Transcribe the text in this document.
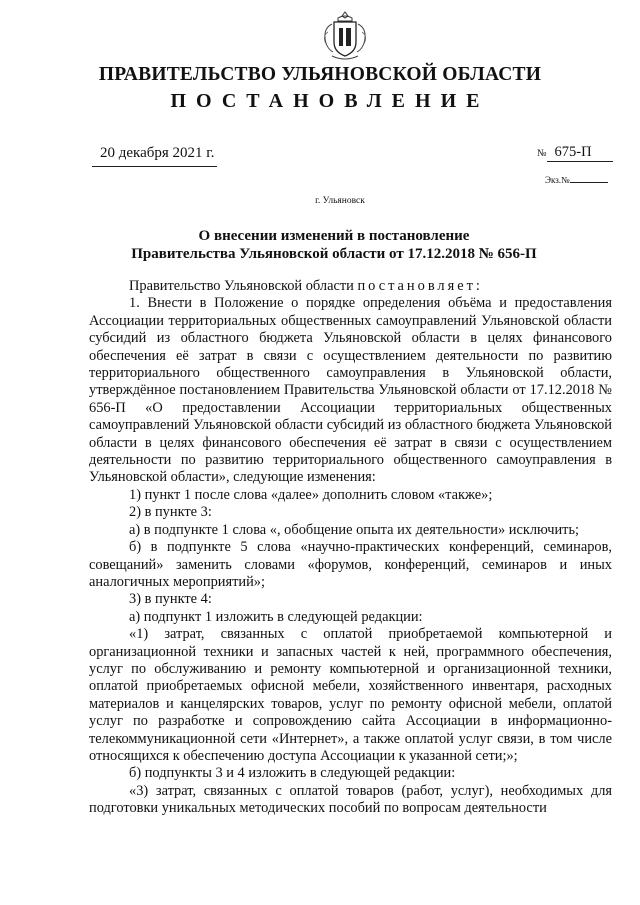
ПРАВИТЕЛЬСТВО УЛЬЯНОВСКОЙ ОБЛАСТИ
ПОСТАНОВЛЕНИЕ
20 декабря 2021 г.	№ 675-П
Экз.№
г. Ульяновск
О внесении изменений в постановление
Правительства Ульяновской области от 17.12.2018 № 656-П

Правительство Ульяновской области постановляет:

1. Внести в Положение о порядке определения объёма и предоставления Ассоциации территориальных общественных самоуправлений Ульяновской области субсидий из областного бюджета Ульяновской области в целях финансового обеспечения её затрат в связи с осуществлением деятельности по развитию территориального общественного самоуправления в Ульяновской области, утверждённое постановлением Правительства Ульяновской области от 17.12.2018 № 656-П «О предоставлении Ассоциации территориальных общественных самоуправлений Ульяновской области субсидий из областного бюджета Ульяновской области в целях финансового обеспечения её затрат в связи с осуществлением деятельности по развитию территориального общественного самоуправления в Ульяновской области», следующие изменения:

1) пункт 1 после слова «далее» дополнить словом «также»;

2) в пункте 3:

а) в подпункте 1 слова «, обобщение опыта их деятельности» исключить;

б) в подпункте 5 слова «научно-практических конференций, семинаров, совещаний» заменить словами «форумов, конференций, семинаров и иных аналогичных мероприятий»;

3) в пункте 4:

а) подпункт 1 изложить в следующей редакции:

«1) затрат, связанных с оплатой приобретаемой компьютерной и организационной техники и запасных частей к ней, программного обеспечения, услуг по обслуживанию и ремонту компьютерной и организационной техники, оплатой приобретаемых офисной мебели, хозяйственного инвентаря, расходных материалов и канцелярских товаров, услуг по ремонту офисной мебели, оплатой услуг по разработке и сопровождению сайта Ассоциации в информационно-телекоммуникационной сети «Интернет», а также оплатой услуг связи, в том числе относящихся к обеспечению доступа Ассоциации к указанной сети;»;

б) подпункты 3 и 4 изложить в следующей редакции:

«3) затрат, связанных с оплатой товаров (работ, услуг), необходимых для подготовки уникальных методических пособий по вопросам деятельности
